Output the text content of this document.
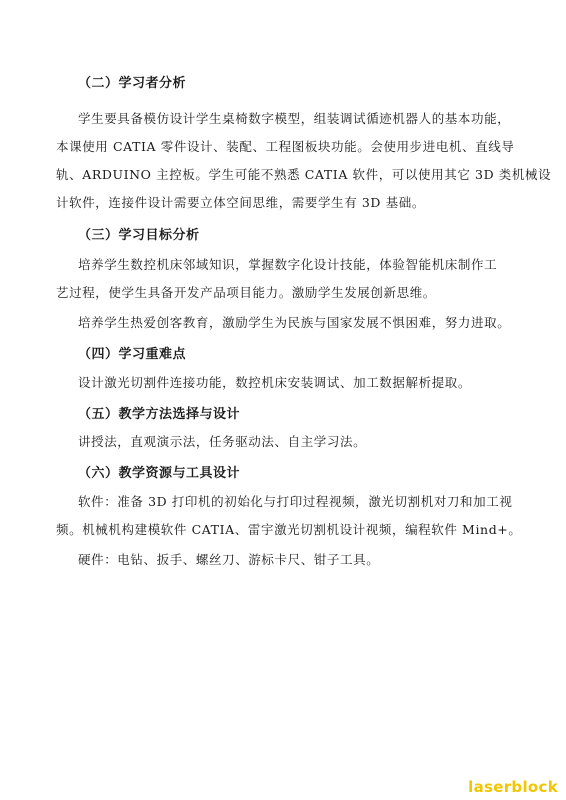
（二）学习者分析
学生要具备模仿设计学生桌椅数字模型，组装调试循迹机器人的基本功能，
本课使用 CATIA 零件设计、装配、工程图板块功能。会使用步进电机、直线导
轨、ARDUINO 主控板。学生可能不熟悉 CATIA 软件，可以使用其它 3D 类机械设
计软件，连接件设计需要立体空间思维，需要学生有 3D 基础。
（三）学习目标分析
培养学生数控机床邻域知识，掌握数字化设计技能，体验智能机床制作工
艺过程，使学生具备开发产品项目能力。激励学生发展创新思维。
培养学生热爱创客教育，激励学生为民族与国家发展不惧困难，努力进取。
（四）学习重难点
设计激光切割件连接功能，数控机床安装调试、加工数据解析提取。
（五）教学方法选择与设计
讲授法，直观演示法，任务驱动法、自主学习法。
（六）教学资源与工具设计
软件：准备 3D 打印机的初始化与打印过程视频，激光切割机对刀和加工视
频。机械机构建模软件 CATIA、雷宇激光切割机设计视频，编程软件 Mind+。
硬件：电钻、扳手、螺丝刀、游标卡尺、钳子工具。
laserblock
